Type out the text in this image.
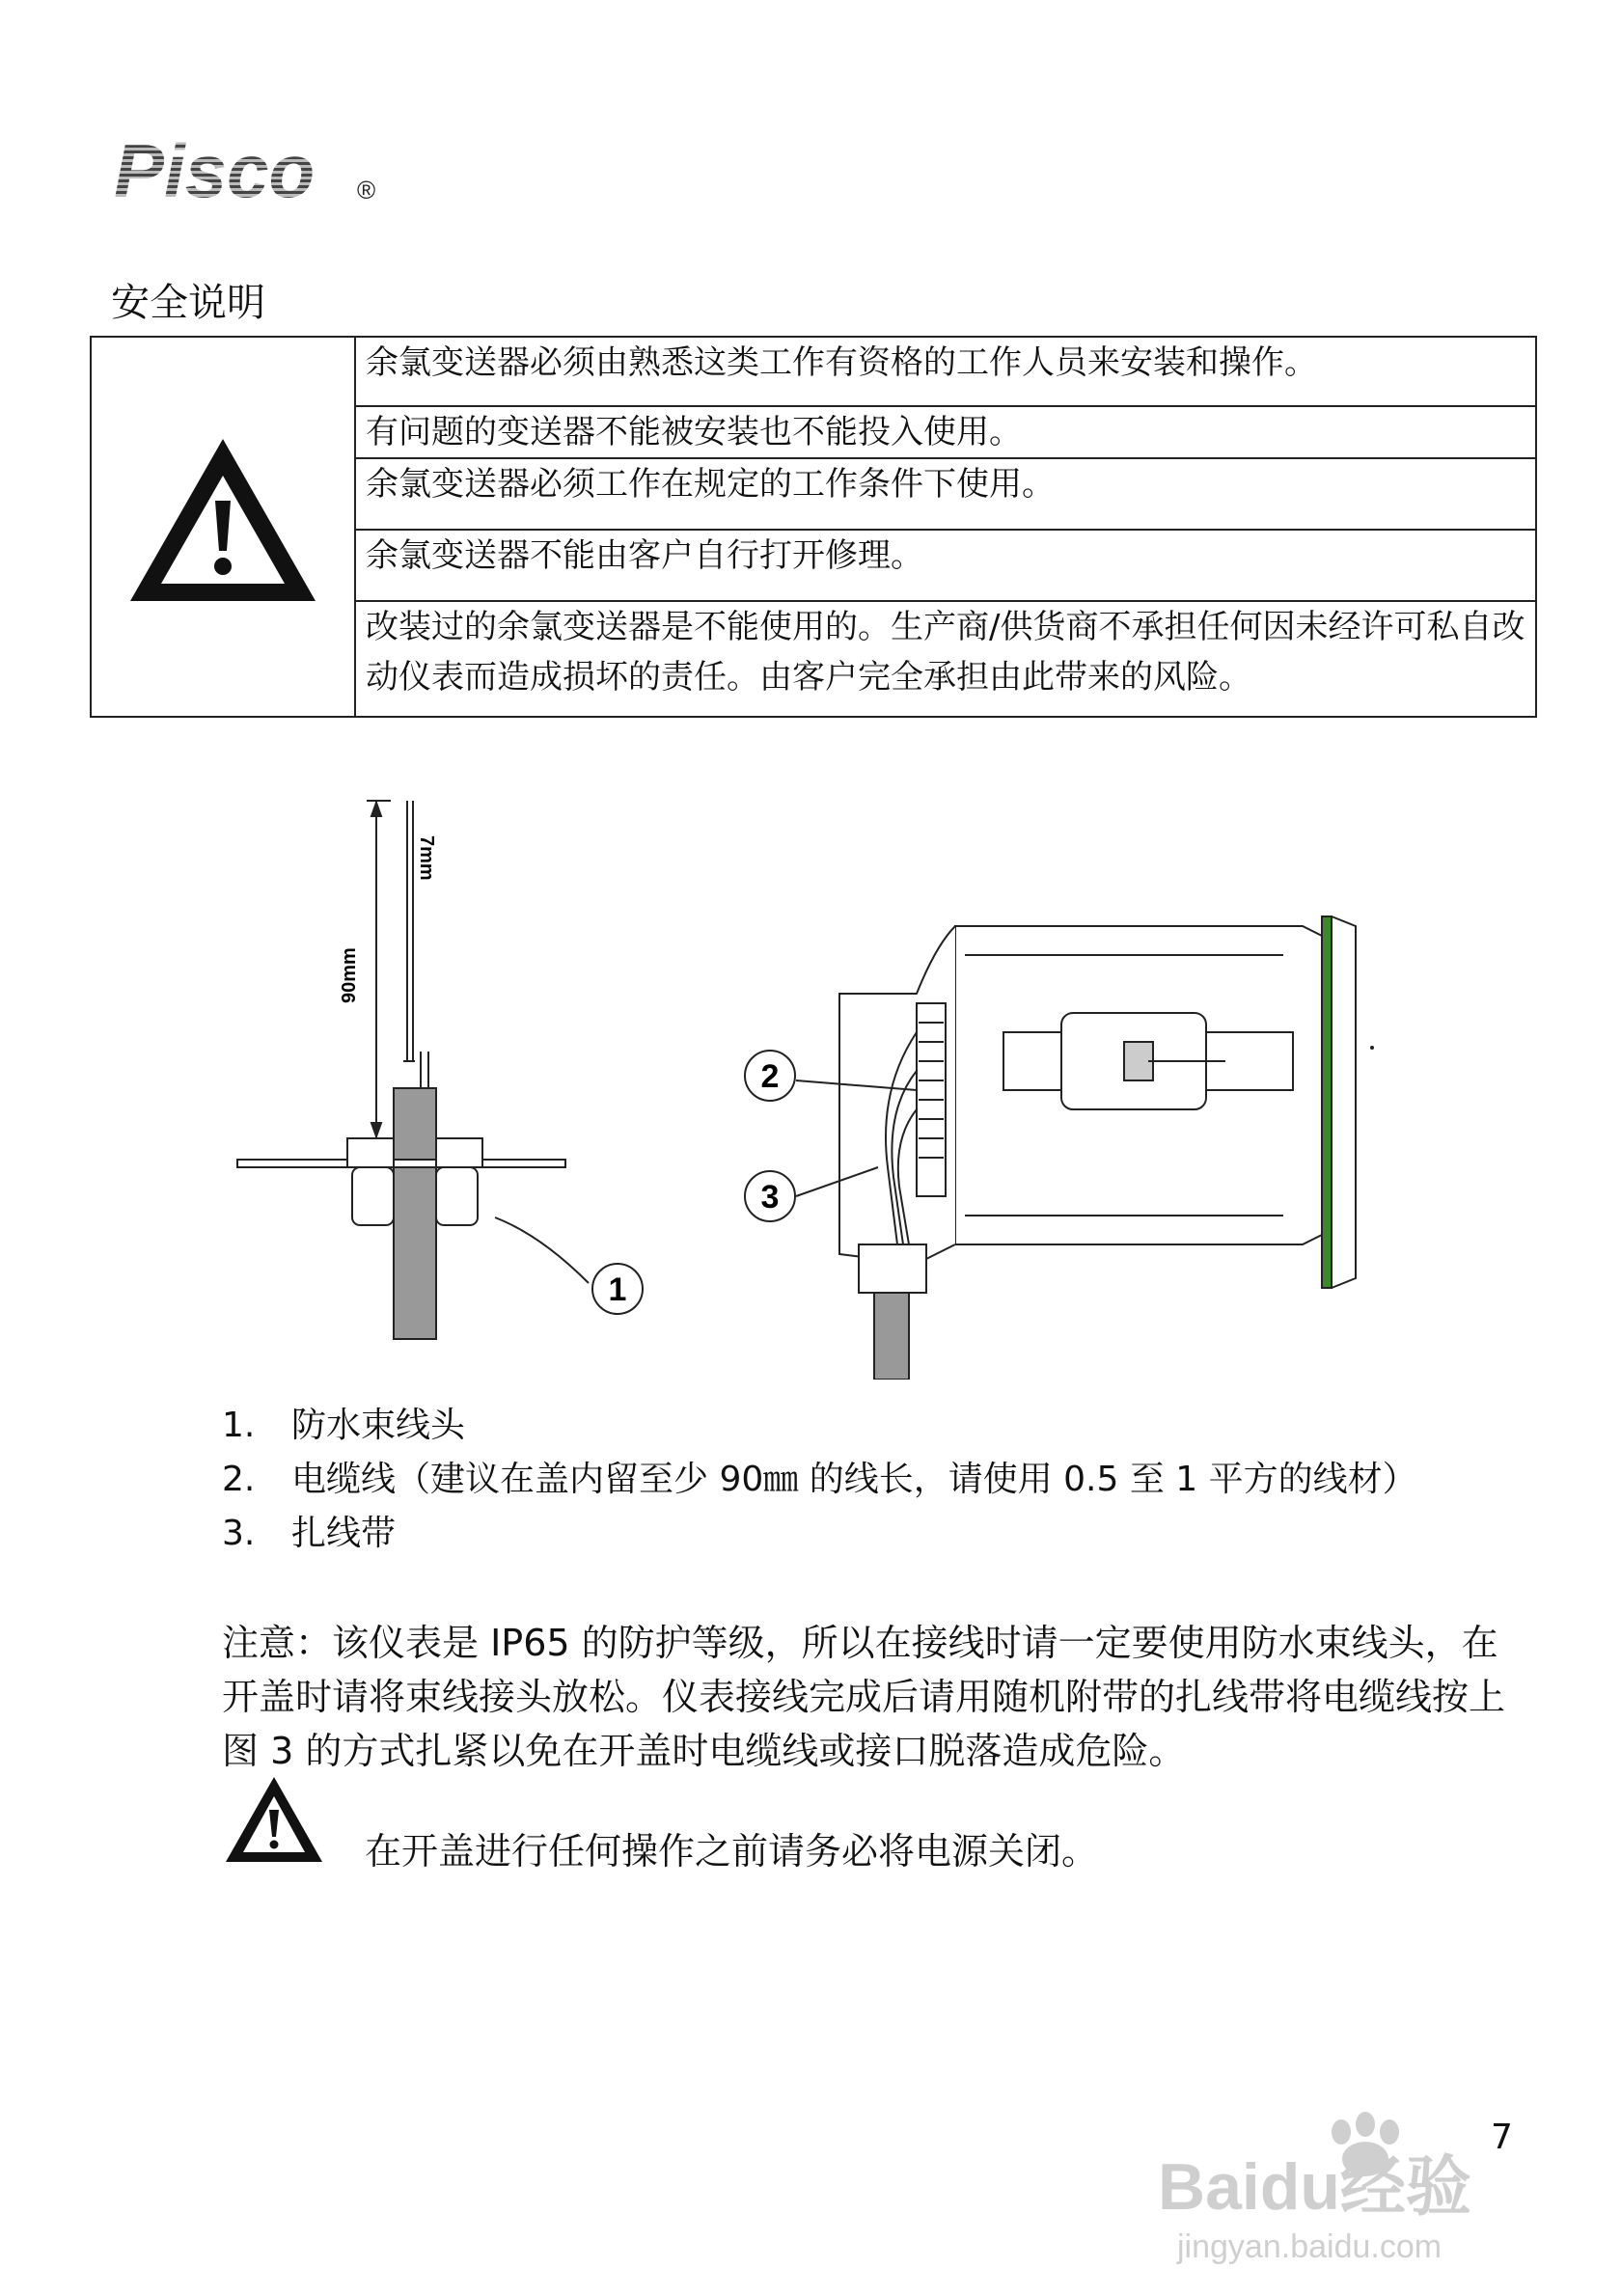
Pisco ®
安全说明
	余氯变送器必须由熟悉这类工作有资格的工作人员来安装和操作。
有问题的变送器不能被安装也不能投入使用。
余氯变送器必须工作在规定的工作条件下使用。
余氯变送器不能由客户自行打开修理。
改装过的余氯变送器是不能使用的。生产商/供货商不承担任何因未经许可私自改动仪表而造成损坏的责任。由客户完全承担由此带来的风险。
90mm
7mm
1
2
3
1.	防水束线头
2.	电缆线（建议在盖内留至少 90㎜ 的线长，请使用 0.5 至 1 平方的线材）
3.	扎线带
注意：该仪表是 IP65 的防护等级，所以在接线时请一定要使用防水束线头，在开盖时请将束线接头放松。仪表接线完成后请用随机附带的扎线带将电缆线按上图 3 的方式扎紧以免在开盖时电缆线或接口脱落造成危险。
在开盖进行任何操作之前请务必将电源关闭。
Baidu经验
jingyan.baidu.com
7
